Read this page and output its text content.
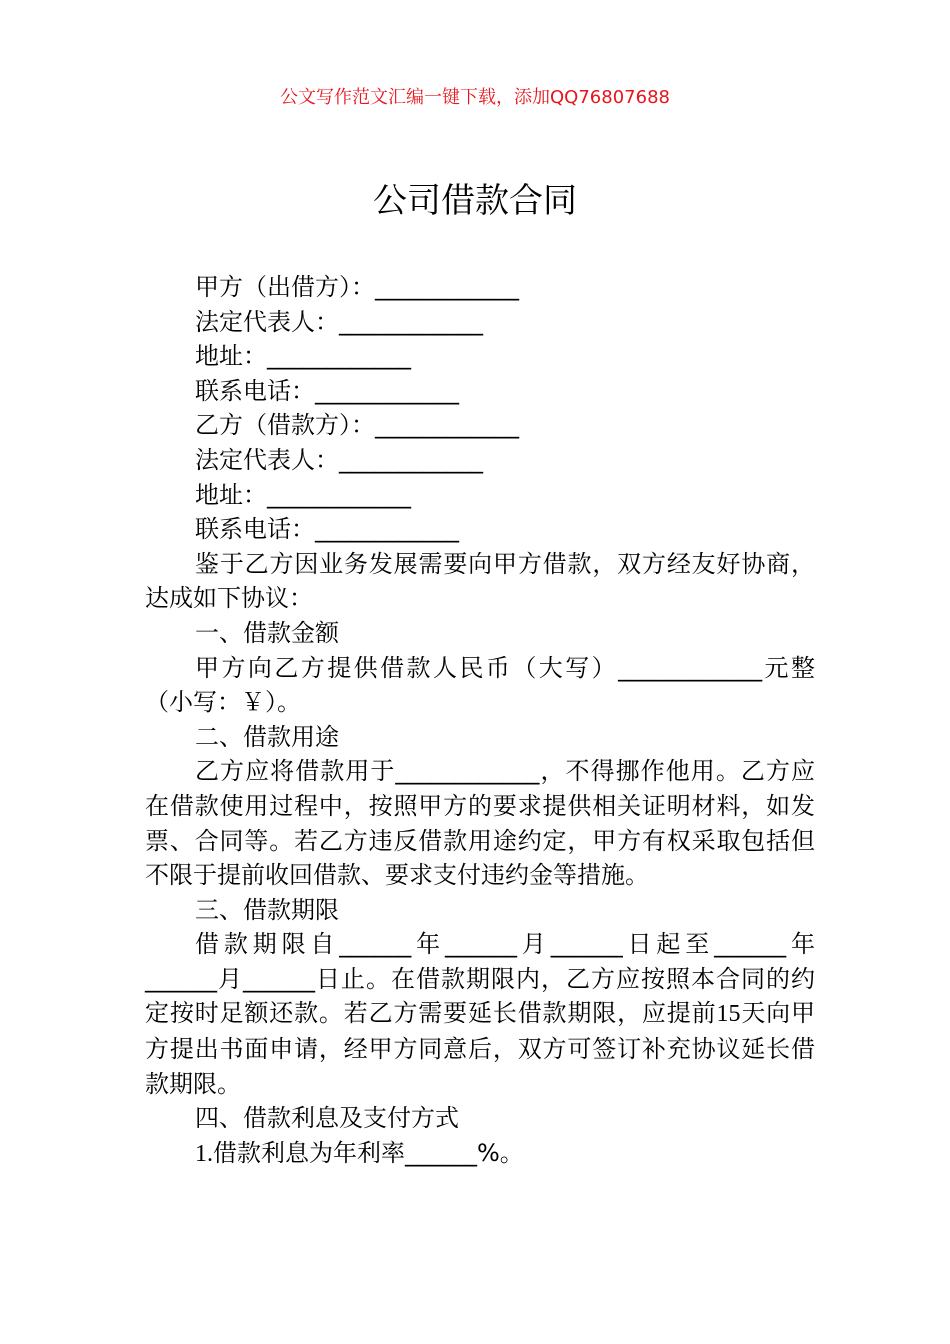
公文写作范文汇编一键下载，添加QQ76807688

公司借款合同

甲方（出借方）：____________

法定代表人：____________

地址：____________

联系电话：____________

乙方（借款方）：____________

法定代表人：____________

地址：____________

联系电话：____________

鉴于乙方因业务发展需要向甲方借款，双方经友好协商，达成如下协议：

一、借款金额

甲方向乙方提供借款人民币（大写）____________元整（小写：￥）。

二、借款用途

乙方应将借款用于____________，不得挪作他用。乙方应在借款使用过程中，按照甲方的要求提供相关证明材料，如发票、合同等。若乙方违反借款用途约定，甲方有权采取包括但不限于提前收回借款、要求支付违约金等措施。

三、借款期限

借款期限自______年______月______日起至______年______月______日止。在借款期限内，乙方应按照本合同的约定按时足额还款。若乙方需要延长借款期限，应提前15天向甲方提出书面申请，经甲方同意后，双方可签订补充协议延长借款期限。

四、借款利息及支付方式

1.借款利息为年利率______%。
